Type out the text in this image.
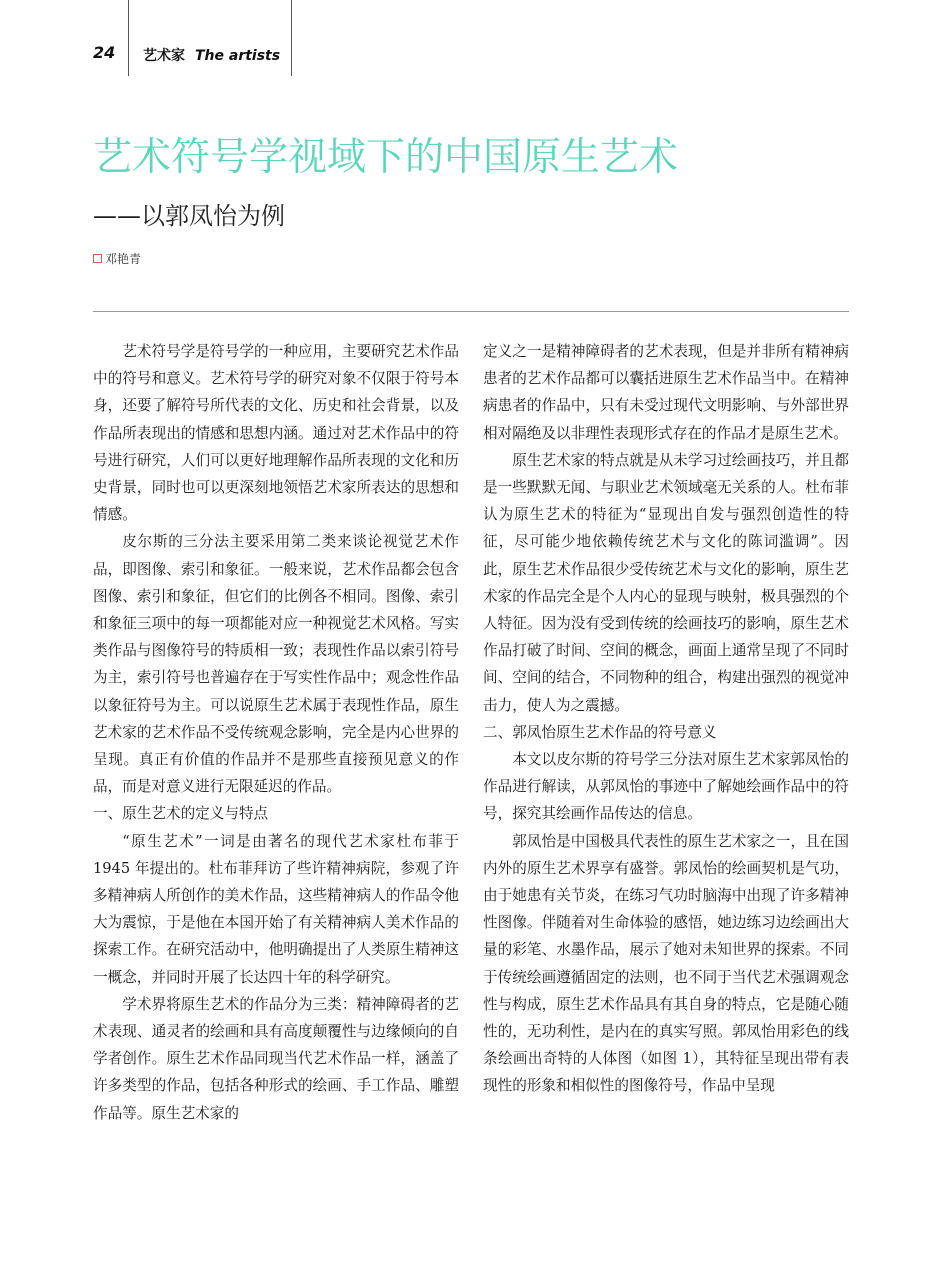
24 艺术家 The artists
艺术符号学视域下的中国原生艺术
——以郭凤怡为例
邓艳青

艺术符号学是符号学的一种应用，主要研究艺术作品中的符号和意义。艺术符号学的研究对象不仅限于符号本身，还要了解符号所代表的文化、历史和社会背景，以及作品所表现出的情感和思想内涵。通过对艺术作品中的符号进行研究，人们可以更好地理解作品所表现的文化和历史背景，同时也可以更深刻地领悟艺术家所表达的思想和情感。

皮尔斯的三分法主要采用第二类来谈论视觉艺术作品，即图像、索引和象征。一般来说，艺术作品都会包含图像、索引和象征，但它们的比例各不相同。图像、索引和象征三项中的每一项都能对应一种视觉艺术风格。写实类作品与图像符号的特质相一致；表现性作品以索引符号为主，索引符号也普遍存在于写实性作品中；观念性作品以象征符号为主。可以说原生艺术属于表现性作品，原生艺术家的艺术作品不受传统观念影响，完全是内心世界的呈现。真正有价值的作品并不是那些直接预见意义的作品，而是对意义进行无限延迟的作品。

一、原生艺术的定义与特点

“原生艺术”一词是由著名的现代艺术家杜布菲于 1945 年提出的。杜布菲拜访了些许精神病院，参观了许多精神病人所创作的美术作品，这些精神病人的作品令他大为震惊，于是他在本国开始了有关精神病人美术作品的探索工作。在研究活动中，他明确提出了人类原生精神这一概念，并同时开展了长达四十年的科学研究。

学术界将原生艺术的作品分为三类：精神障碍者的艺术表现、通灵者的绘画和具有高度颠覆性与边缘倾向的自学者创作。原生艺术作品同现当代艺术作品一样，涵盖了许多类型的作品，包括各种形式的绘画、手工作品、雕塑作品等。原生艺术家的

定义之一是精神障碍者的艺术表现，但是并非所有精神病患者的艺术作品都可以囊括进原生艺术作品当中。在精神病患者的作品中，只有未受过现代文明影响、与外部世界相对隔绝及以非理性表现形式存在的作品才是原生艺术。

原生艺术家的特点就是从未学习过绘画技巧，并且都是一些默默无闻、与职业艺术领域毫无关系的人。杜布菲认为原生艺术的特征为“显现出自发与强烈创造性的特征，尽可能少地依赖传统艺术与文化的陈词滥调”。因此，原生艺术作品很少受传统艺术与文化的影响，原生艺术家的作品完全是个人内心的显现与映射，极具强烈的个人特征。因为没有受到传统的绘画技巧的影响，原生艺术作品打破了时间、空间的概念，画面上通常呈现了不同时间、空间的结合，不同物种的组合，构建出强烈的视觉冲击力，使人为之震撼。

二、郭凤怡原生艺术作品的符号意义

本文以皮尔斯的符号学三分法对原生艺术家郭凤怡的作品进行解读，从郭凤怡的事迹中了解她绘画作品中的符号，探究其绘画作品传达的信息。

郭凤怡是中国极具代表性的原生艺术家之一，且在国内外的原生艺术界享有盛誉。郭凤怡的绘画契机是气功，由于她患有关节炎，在练习气功时脑海中出现了许多精神性图像。伴随着对生命体验的感悟，她边练习边绘画出大量的彩笔、水墨作品，展示了她对未知世界的探索。不同于传统绘画遵循固定的法则，也不同于当代艺术强调观念性与构成，原生艺术作品具有其自身的特点，它是随心随性的，无功利性，是内在的真实写照。郭凤怡用彩色的线条绘画出奇特的人体图（如图 1），其特征呈现出带有表现性的形象和相似性的图像符号，作品中呈现
